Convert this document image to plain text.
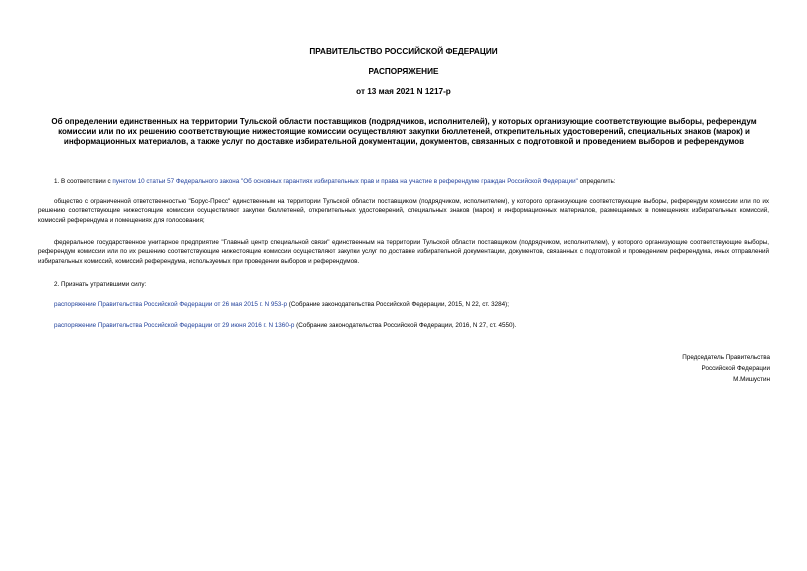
ПРАВИТЕЛЬСТВО РОССИЙСКОЙ ФЕДЕРАЦИИ
РАСПОРЯЖЕНИЕ
от 13 мая 2021 N 1217-р
Об определении единственных на территории Тульской области поставщиков (подрядчиков, исполнителей), у которых организующие соответствующие выборы, референдум комиссии или по их решению соответствующие нижестоящие комиссии осуществляют закупки бюллетеней, открепительных удостоверений, специальных знаков (марок) и информационных материалов, а также услуг по доставке избирательной документации, документов, связанных с подготовкой и проведением выборов и референдумов
1. В соответствии с пунктом 10 статьи 57 Федерального закона "Об основных гарантиях избирательных прав и права на участие в референдуме граждан Российской Федерации" определить:
общество с ограниченной ответственностью "Борус-Пресс" единственным на территории Тульской области поставщиком (подрядчиком, исполнителем), у которого организующие соответствующие выборы, референдум комиссии или по их решению соответствующие нижестоящие комиссии осуществляют закупки бюллетеней, открепительных удостоверений, специальных знаков (марок) и информационных материалов, размещаемых в помещениях избирательных комиссий, комиссий референдума и помещениях для голосования;
федеральное государственное унитарное предприятие "Главный центр специальной связи" единственным на территории Тульской области поставщиком (подрядчиком, исполнителем), у которого организующие соответствующие выборы, референдум комиссии или по их решению соответствующие нижестоящие комиссии осуществляют закупки услуг по доставке избирательной документации, документов, связанных с подготовкой и проведением референдума, иных отправлений избирательных комиссий, комиссий референдума, используемых при проведении выборов и референдумов.
2. Признать утратившими силу:
распоряжение Правительства Российской Федерации от 26 мая 2015 г. N 953-р (Собрание законодательства Российской Федерации, 2015, N 22, ст. 3284);
распоряжение Правительства Российской Федерации от 29 июня 2016 г. N 1360-р (Собрание законодательства Российской Федерации, 2016, N 27, ст. 4550).
Председатель Правительства
Российской Федерации
М.Мишустин
